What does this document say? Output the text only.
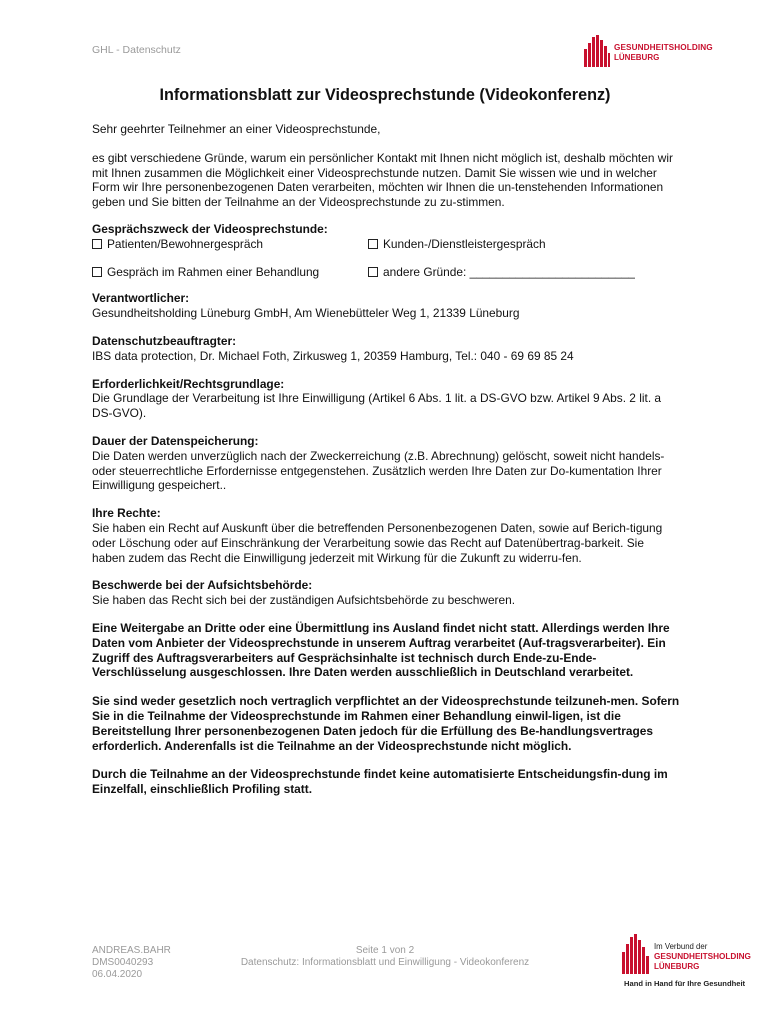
GHL - Datenschutz	GESUNDHEITSHOLDING
LÜNEBURG
Informationsblatt zur Videosprechstunde (Videokonferenz)

Sehr geehrter Teilnehmer an einer Videosprechstunde,

es gibt verschiedene Gründe, warum ein persönlicher Kontakt mit Ihnen nicht möglich ist, deshalb möchten wir mit Ihnen zusammen die Möglichkeit einer Videosprechstunde nutzen. Damit Sie wissen wie und in welcher Form wir Ihre personenbezogenen Daten verarbeiten, möchten wir Ihnen die un-tenstehenden Informationen geben und Sie bitten der Teilnahme an der Videosprechstunde zu zu-stimmen.

Gesprächszweck der Videosprechstunde:
Patienten/Bewohnergespräch	Kunden-/Dienstleistergespräch
Gespräch im Rahmen einer Behandlung	andere Gründe: _________________________
Verantwortlicher:

Gesundheitsholding Lüneburg GmbH, Am Wienebütteler Weg 1, 21339 Lüneburg

Datenschutzbeauftragter:

IBS data protection, Dr. Michael Foth, Zirkusweg 1, 20359 Hamburg, Tel.: 040 - 69 69 85 24

Erforderlichkeit/Rechtsgrundlage:

Die Grundlage der Verarbeitung ist Ihre Einwilligung (Artikel 6 Abs. 1 lit. a DS-GVO bzw. Artikel 9 Abs. 2 lit. a DS-GVO).

Dauer der Datenspeicherung:

Die Daten werden unverzüglich nach der Zweckerreichung (z.B. Abrechnung) gelöscht, soweit nicht handels- oder steuerrechtliche Erfordernisse entgegenstehen. Zusätzlich werden Ihre Daten zur Do-kumentation Ihrer Einwilligung gespeichert..

Ihre Rechte:

Sie haben ein Recht auf Auskunft über die betreffenden Personenbezogenen Daten, sowie auf Berich-tigung oder Löschung oder auf Einschränkung der Verarbeitung sowie das Recht auf Datenübertrag-barkeit. Sie haben zudem das Recht die Einwilligung jederzeit mit Wirkung für die Zukunft zu widerru-fen.

Beschwerde bei der Aufsichtsbehörde:

Sie haben das Recht sich bei der zuständigen Aufsichtsbehörde zu beschweren.

Eine Weitergabe an Dritte oder eine Übermittlung ins Ausland findet nicht statt. Allerdings werden Ihre Daten vom Anbieter der Videosprechstunde in unserem Auftrag verarbeitet (Auf-tragsverarbeiter). Ein Zugriff des Auftragsverarbeiters auf Gesprächsinhalte ist technisch durch Ende-zu-Ende-Verschlüsselung ausgeschlossen. Ihre Daten werden ausschließlich in Deutschland verarbeitet.

Sie sind weder gesetzlich noch vertraglich verpflichtet an der Videosprechstunde teilzuneh-men. Sofern Sie in die Teilnahme der Videosprechstunde im Rahmen einer Behandlung einwil-ligen, ist die Bereitstellung Ihrer personenbezogenen Daten jedoch für die Erfüllung des Be-handlungsvertrages erforderlich. Anderenfalls ist die Teilnahme an der Videosprechstunde nicht möglich.

Durch die Teilnahme an der Videosprechstunde findet keine automatisierte Entscheidungsfin-dung im Einzelfall, einschließlich Profiling statt.

ANDREAS.BAHR
DMS0040293
06.04.2020
Seite 1 von 2
Datenschutz: Informationsblatt und Einwilligung - Videokonferenz
Im Verbund der
GESUNDHEITSHOLDING
LÜNEBURG
Hand in Hand für Ihre Gesundheit
